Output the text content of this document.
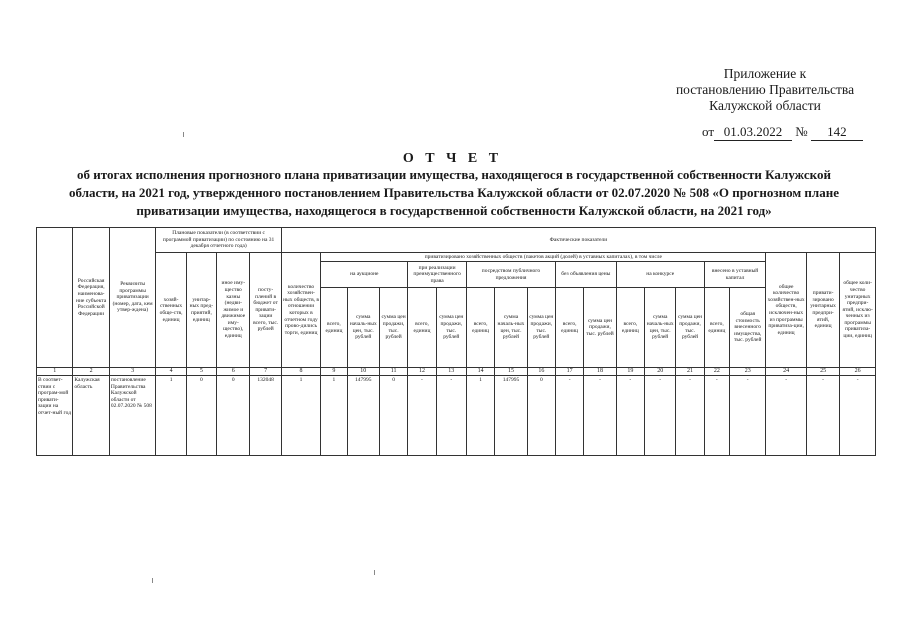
Приложение к
постановлению Правительства
Калужской области
от 01.03.2022 № 142
О Т Ч Е Т
об итогах исполнения прогнозного плана приватизации имущества, находящегося в государственной собственности Калужской
области, на 2021 год, утвержденного постановлением Правительства Калужской области от 02.07.2020 № 508 «О прогнозном плане
приватизации имущества, находящегося в государственной собственности Калужской области, на 2021 год»
	Российская Федерация, наименова-ние субъекта Российской Федерации	Реквизиты программы приватизации (номер, дата, кем утвер-ждена)	Плановые показатели (в соответствии с программой приватизации) по состоянию на 31 декабря отчетного года)				Фактические показатели																		
			хозяй-ственных обще-ств, единиц	унитар-ных пред-приятий, единиц	иное иму-щество казны (недви-жимое и движимое иму-щество), единиц	посту-плений в бюджет от привати-зации всего, тыс. рублей	количество хозяйствен-ных обществ, в отношении которых в отчетном году прово-дились торги, единиц	приватизировано хозяйственных обществ (пакетов акций (долей) в уставных капиталах), в том числе															общее количество хозяйствен-ных обществ, исключен-ных из программы приватиза-ции, единиц	привати-зировано унитарных предпри-ятий, единиц	общее коли-чество унитарных предпри-ятий, исклю-ченных из программы приватиза-ции, единиц
								на аукционе			при реализации преимущественного права		посредством публичного предложения			без объявления цены		на конкурсе			внесено в уставный капитал				
								всего, единиц	сумма началь-ных цен, тыс. рублей	сумма цен продажи, тыс. рублей	всего, единиц	сумма цен продажи, тыс. рублей	всего, единиц	сумма началь-ных цен, тыс. рублей	сумма цен продажи, тыс. рублей	всего, единиц	сумма цен продажи, тыс. рублей	всего, единиц	сумма началь-ных цен, тыс. рублей	сумма цен продажи, тыс. рублей	всего, единиц	общая стоимость внесенного имущества, тыс. рублей			
1	2	3	4	5	6	7	8	9	10	11	12	13	14	15	16	17	18	19	20	21	22	23	24	25	26
В соответ-ствии с програм-мой привати-зации на отчет-ный год	Калужская область	постановление Правительства Калужской области от 02.07.2020 № 508	1	0	0	132048	1	1	147995	0	-	-	1	147995	0	-	-	-	-	-	-	-	-	-	-
